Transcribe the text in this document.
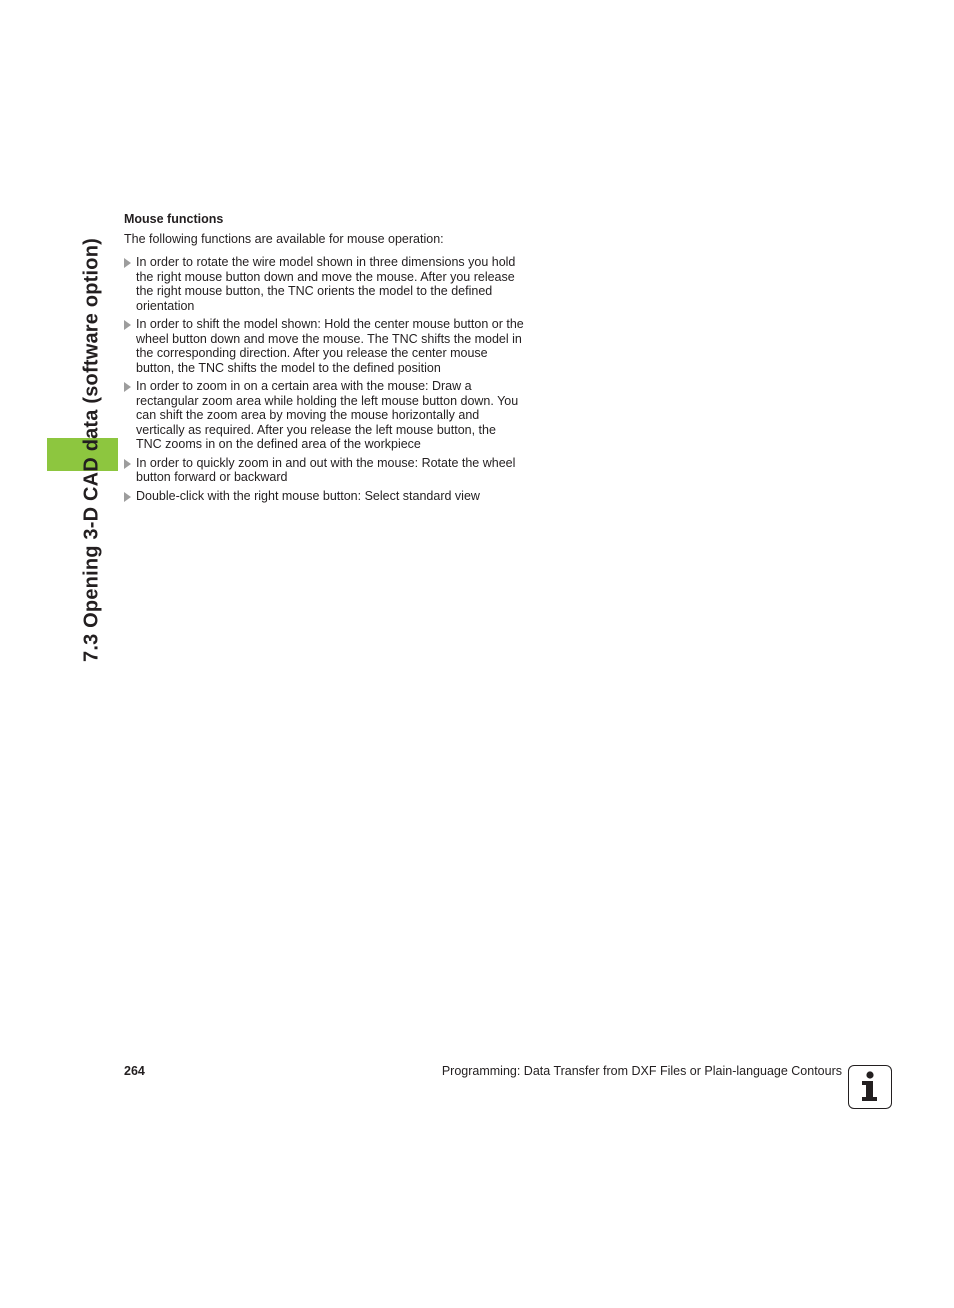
7.3 Opening 3-D CAD data (software option)
Mouse functions
The following functions are available for mouse operation:
In order to rotate the wire model shown in three dimensions you hold the right mouse button down and move the mouse. After you release the right mouse button, the TNC orients the model to the defined orientation
In order to shift the model shown: Hold the center mouse button or the wheel button down and move the mouse. The TNC shifts the model in the corresponding direction. After you release the center mouse button, the TNC shifts the model to the defined position
In order to zoom in on a certain area with the mouse: Draw a rectangular zoom area while holding the left mouse button down. You can shift the zoom area by moving the mouse horizontally and vertically as required. After you release the left mouse button, the TNC zooms in on the defined area of the workpiece
In order to quickly zoom in and out with the mouse: Rotate the wheel button forward or backward
Double-click with the right mouse button: Select standard view
264	Programming: Data Transfer from DXF Files or Plain-language Contours
